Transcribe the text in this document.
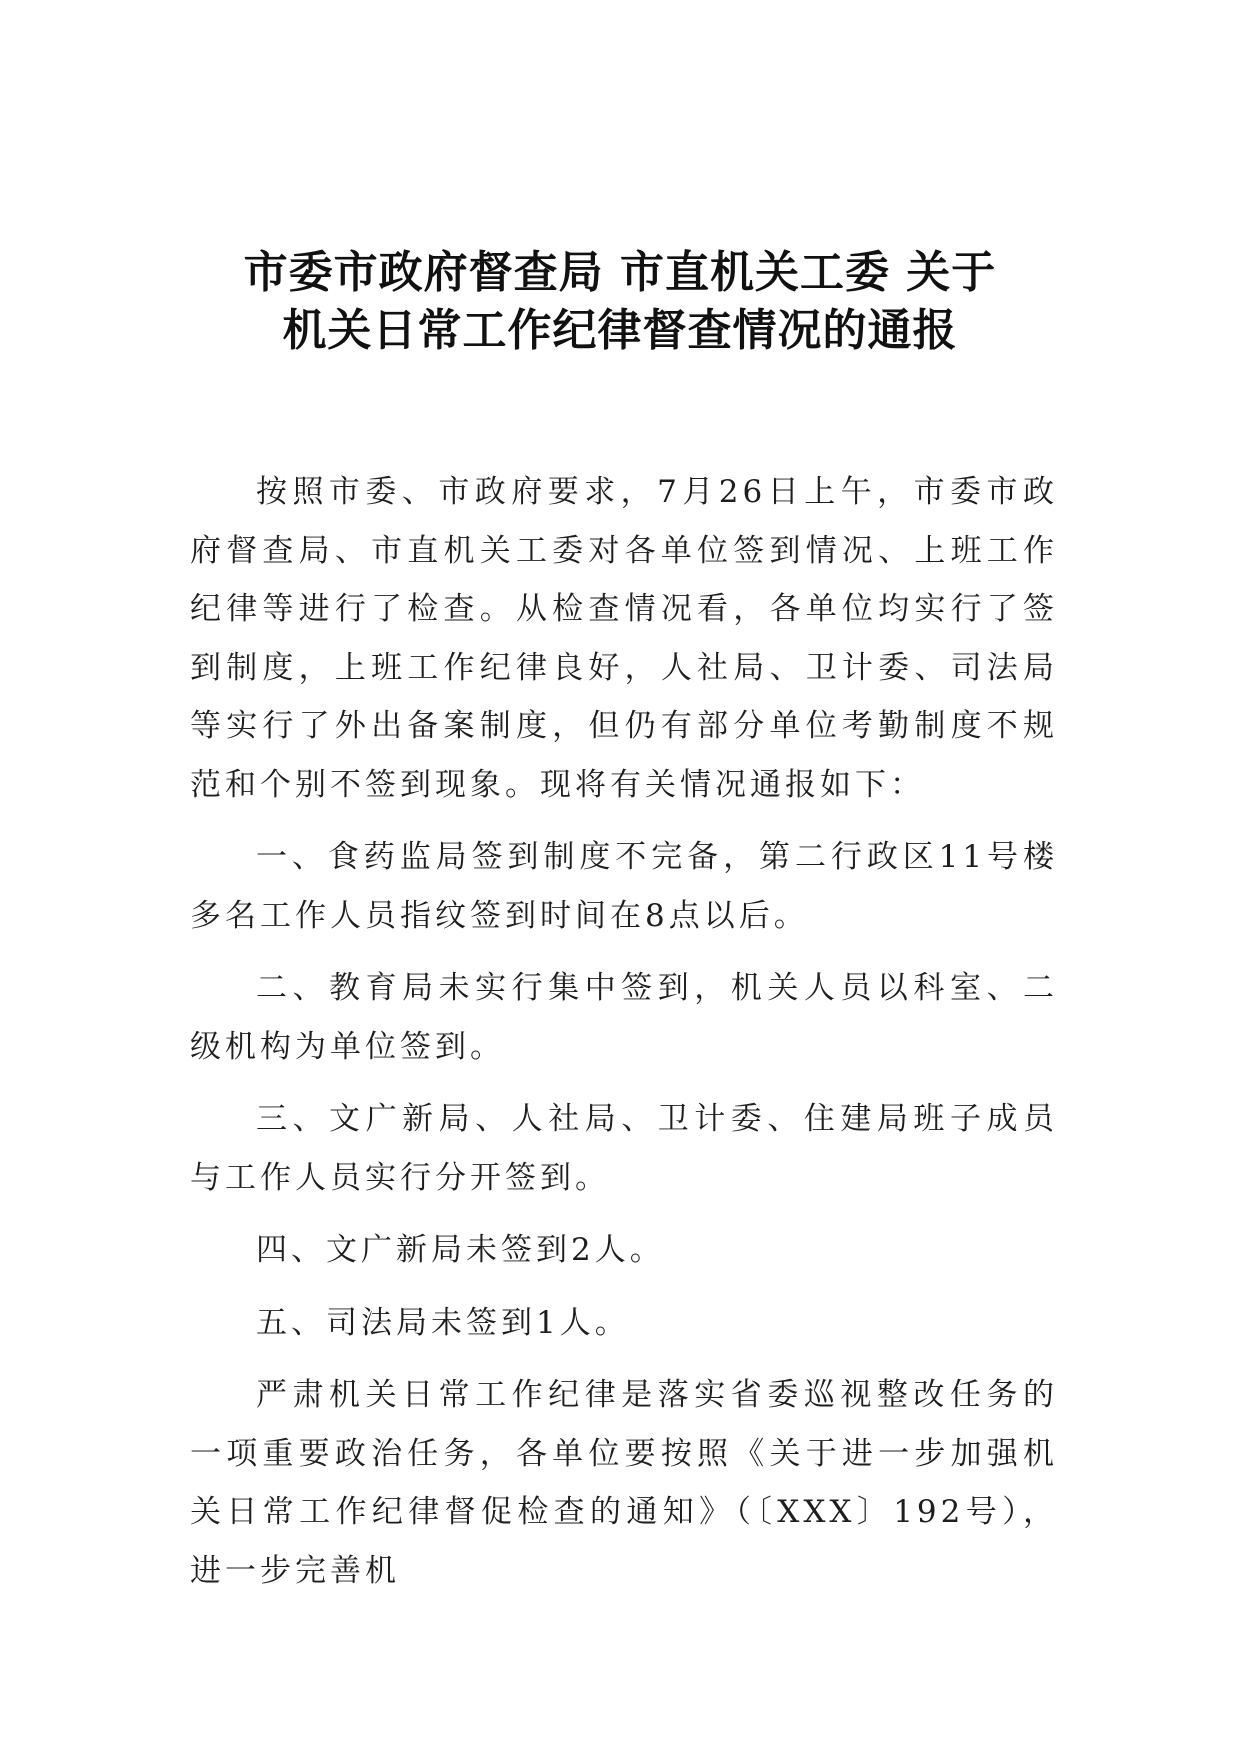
市委市政府督查局 市直机关工委 关于
机关日常工作纪律督查情况的通报

按照市委、市政府要求，7月26日上午，市委市政府督查局、市直机关工委对各单位签到情况、上班工作纪律等进行了检查。从检查情况看，各单位均实行了签到制度，上班工作纪律良好，人社局、卫计委、司法局等实行了外出备案制度，但仍有部分单位考勤制度不规范和个别不签到现象。现将有关情况通报如下：

一、食药监局签到制度不完备，第二行政区11号楼多名工作人员指纹签到时间在8点以后。

二、教育局未实行集中签到，机关人员以科室、二级机构为单位签到。

三、文广新局、人社局、卫计委、住建局班子成员与工作人员实行分开签到。

四、文广新局未签到2人。

五、司法局未签到1人。

严肃机关日常工作纪律是落实省委巡视整改任务的一项重要政治任务，各单位要按照《关于进一步加强机关日常工作纪律督促检查的通知》（〔XXX〕192号），进一步完善机
